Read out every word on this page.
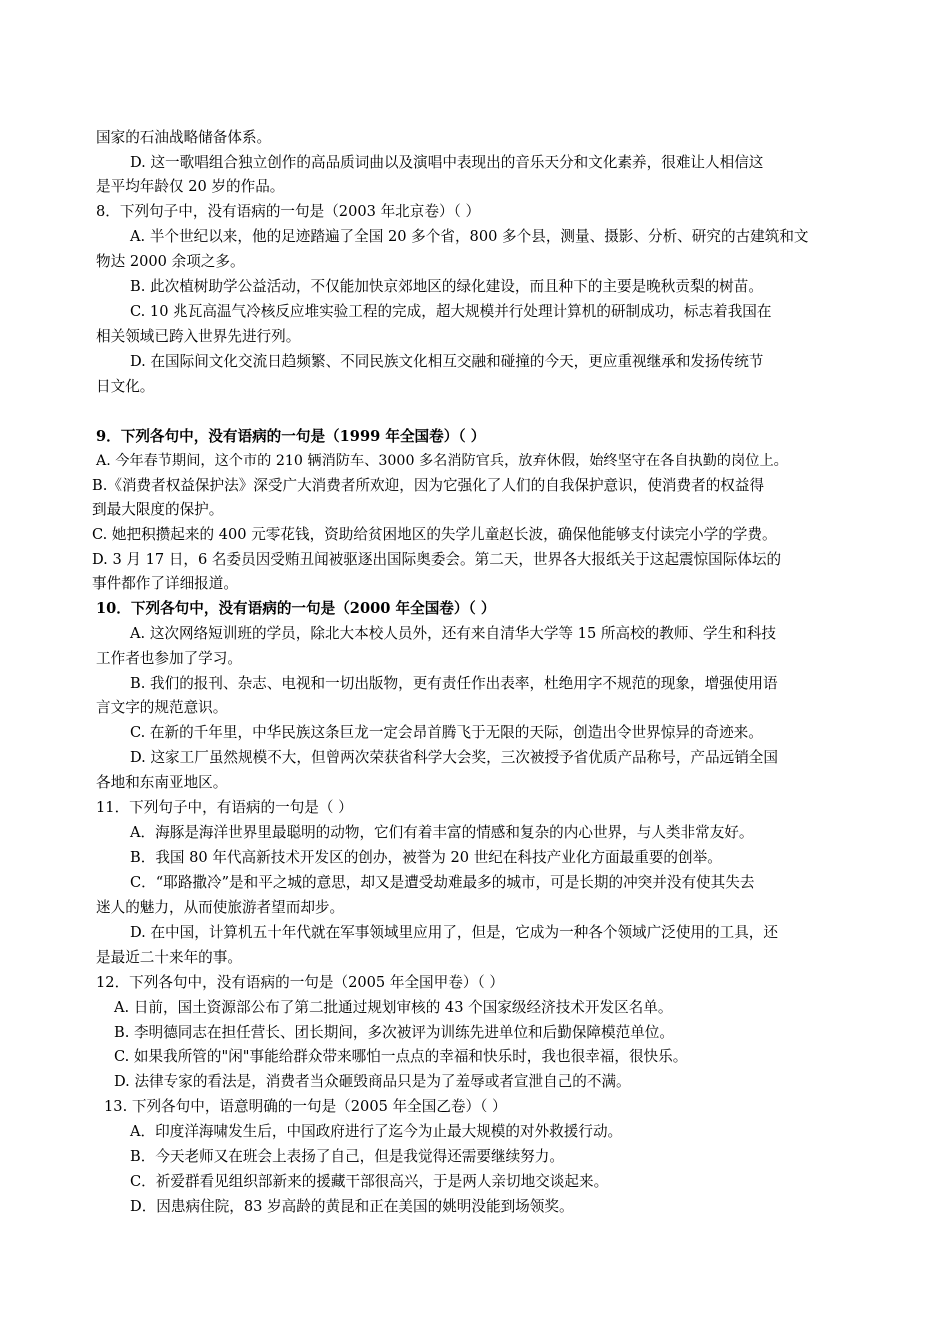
国家的石油战略储备体系。
D. 这一歌唱组合独立创作的高品质词曲以及演唱中表现出的音乐天分和文化素养，很难让人相信这
是平均年龄仅 20 岁的作品。
8．下列句子中，没有语病的一句是（2003 年北京卷）（ ）
A. 半个世纪以来，他的足迹踏遍了全国 20 多个省，800 多个县，测量、摄影、分析、研究的古建筑和文
物达 2000 余项之多。
B. 此次植树助学公益活动，不仅能加快京郊地区的绿化建设，而且种下的主要是晚秋贡梨的树苗。
C. 10 兆瓦高温气冷核反应堆实验工程的完成，超大规模并行处理计算机的研制成功，标志着我国在
相关领域已跨入世界先进行列。
D. 在国际间文化交流日趋频繁、不同民族文化相互交融和碰撞的今天，更应重视继承和发扬传统节
日文化。
9．下列各句中，没有语病的一句是（1999 年全国卷）（ ）
A. 今年春节期间，这个市的 210 辆消防车、3000 多名消防官兵，放弃休假，始终坚守在各自执勤的岗位上。
B.《消费者权益保护法》深受广大消费者所欢迎，因为它强化了人们的自我保护意识，使消费者的权益得
到最大限度的保护。
C. 她把积攒起来的 400 元零花钱，资助给贫困地区的失学儿童赵长波，确保他能够支付读完小学的学费。
D. 3 月 17 日，6 名委员因受贿丑闻被驱逐出国际奥委会。第二天，世界各大报纸关于这起震惊国际体坛的
事件都作了详细报道。
10．下列各句中，没有语病的一句是（2000 年全国卷）（ ）
A. 这次网络短训班的学员，除北大本校人员外，还有来自清华大学等 15 所高校的教师、学生和科技
工作者也参加了学习。
B. 我们的报刊、杂志、电视和一切出版物，更有责任作出表率，杜绝用字不规范的现象，增强使用语
言文字的规范意识。
C. 在新的千年里，中华民族这条巨龙一定会昂首腾飞于无限的天际，创造出令世界惊异的奇迹来。
D. 这家工厂虽然规模不大，但曾两次荣获省科学大会奖，三次被授予省优质产品称号，产品远销全国
各地和东南亚地区。
11．下列句子中，有语病的一句是（ ）
A．海豚是海洋世界里最聪明的动物，它们有着丰富的情感和复杂的内心世界，与人类非常友好。
B．我国 80 年代高新技术开发区的创办，被誉为 20 世纪在科技产业化方面最重要的创举。
C．“耶路撒冷”是和平之城的意思，却又是遭受劫难最多的城市，可是长期的冲突并没有使其失去
迷人的魅力，从而使旅游者望而却步。
D. 在中国，计算机五十年代就在军事领域里应用了，但是，它成为一种各个领域广泛使用的工具，还
是最近二十来年的事。
12．下列各句中，没有语病的一句是（2005 年全国甲卷）（ ）
A. 日前，国土资源部公布了第二批通过规划审核的 43 个国家级经济技术开发区名单。
B. 李明德同志在担任营长、团长期间，多次被评为训练先进单位和后勤保障模范单位。
C. 如果我所管的"闲"事能给群众带来哪怕一点点的幸福和快乐时，我也很幸福，很快乐。
D. 法律专家的看法是，消费者当众砸毁商品只是为了羞辱或者宣泄自己的不满。
13. 下列各句中，语意明确的一句是（2005 年全国乙卷）（ ）
A．印度洋海啸发生后，中国政府进行了迄今为止最大规模的对外救援行动。
B．今天老师又在班会上表扬了自己，但是我觉得还需要继续努力。
C．祈爱群看见组织部新来的援藏干部很高兴，于是两人亲切地交谈起来。
D．因患病住院，83 岁高龄的黄昆和正在美国的姚明没能到场领奖。
